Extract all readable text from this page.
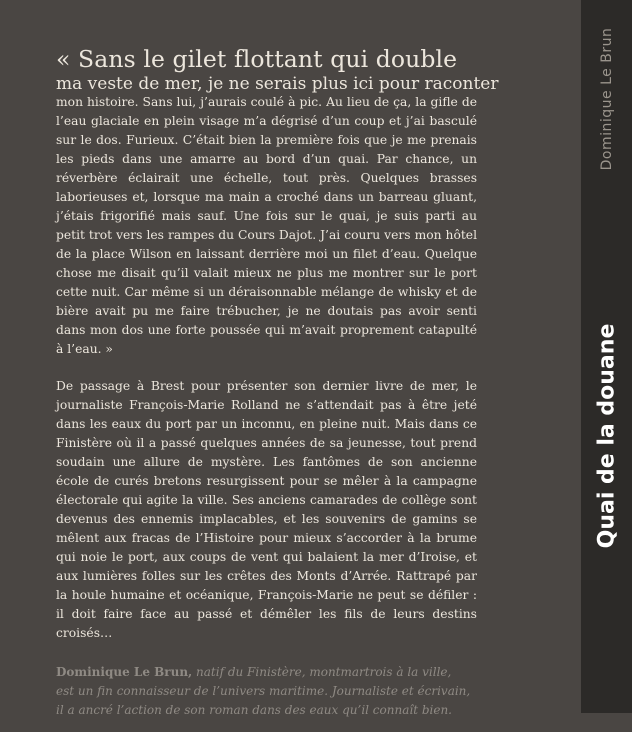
« Sans le gilet flottant qui double

ma veste de mer, je ne serais plus ici pour raconter

mon histoire. Sans lui, j’aurais coulé à pic. Au lieu de ça, la gifle de l’eau glaciale en plein visage m’a dégrisé d’un coup et j’ai basculé sur le dos. Furieux. C’était bien la première fois que je me prenais les pieds dans une amarre au bord d’un quai. Par chance, un réverbère éclairait une échelle, tout près. Quelques brasses laborieuses et, lorsque ma main a croché dans un barreau gluant, j’étais frigorifié mais sauf. Une fois sur le quai, je suis parti au petit trot vers les rampes du Cours Dajot. J’ai couru vers mon hôtel de la place Wilson en laissant derrière moi un filet d’eau. Quelque chose me disait qu’il valait mieux ne plus me montrer sur le port cette nuit. Car même si un déraisonnable mélange de whisky et de bière avait pu me faire trébucher, je ne doutais pas avoir senti dans mon dos une forte poussée qui m’avait proprement catapulté à l’eau. »

De passage à Brest pour présenter son dernier livre de mer, le journaliste François-Marie Rolland ne s’attendait pas à être jeté dans les eaux du port par un inconnu, en pleine nuit. Mais dans ce Finistère où il a passé quelques années de sa jeunesse, tout prend soudain une allure de mystère. Les fantômes de son ancienne école de curés bretons resurgissent pour se mêler à la campagne électorale qui agite la ville. Ses anciens camarades de collège sont devenus des ennemis implacables, et les souvenirs de gamins se mêlent aux fracas de l’Histoire pour mieux s’accorder à la brume qui noie le port, aux coups de vent qui balaient la mer d’Iroise, et aux lumières folles sur les crêtes des Monts d’Arrée. Rattrapé par la houle humaine et océanique, François-Marie ne peut se défiler : il doit faire face au passé et démêler les fils de leurs destins croisés…

Dominique Le Brun, natif du Finistère, montmartrois à la ville,
est un fin connaisseur de l’univers maritime. Journaliste et écrivain,
il a ancré l’action de son roman dans des eaux qu’il connaît bien.

Dominique Le Brun
Quai de la douane
